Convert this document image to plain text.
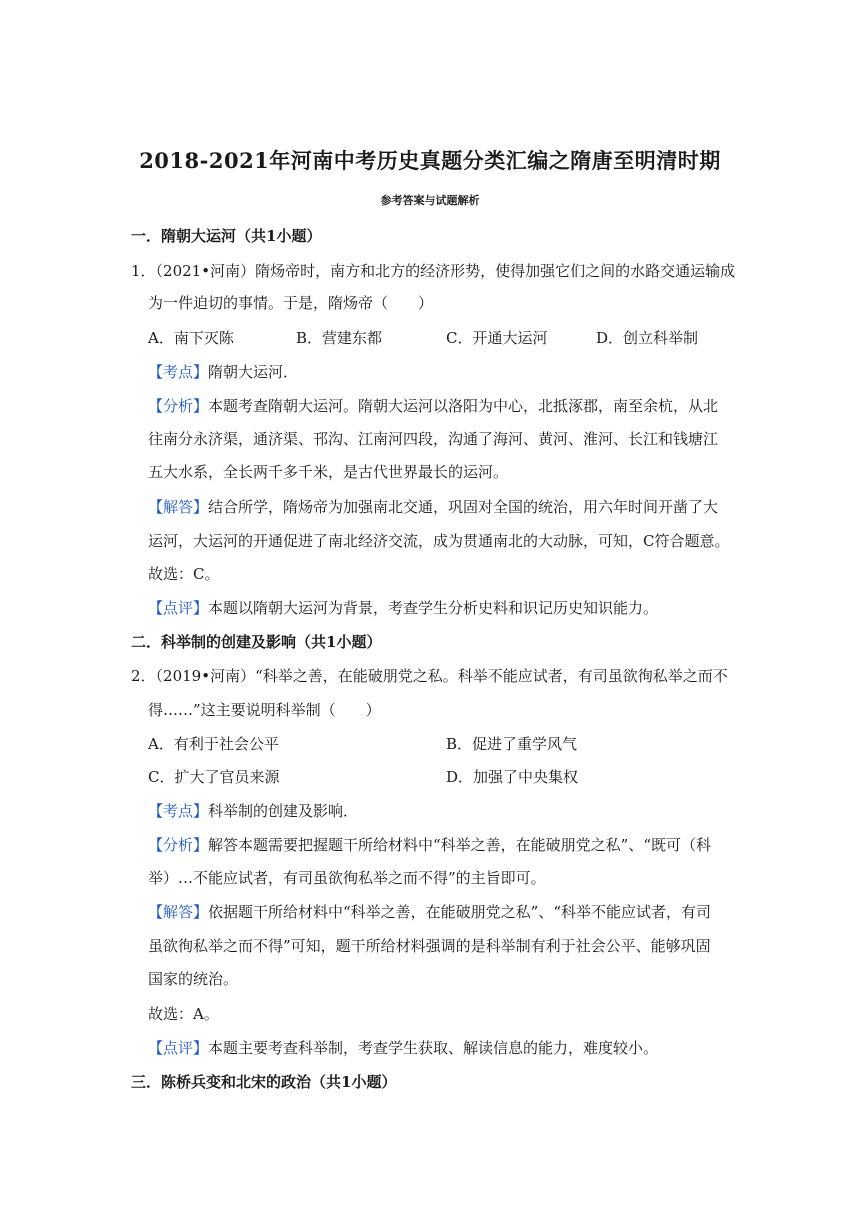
2018-2021年河南中考历史真题分类汇编之隋唐至明清时期
参考答案与试题解析
一．隋朝大运河（共1小题）
1．（2021•河南）隋炀帝时，南方和北方的经济形势，使得加强它们之间的水路交通运输成
为一件迫切的事情。于是，隋炀帝（　　）
A．南下灭陈	B．营建东都	C．开通大运河	D．创立科举制
【考点】隋朝大运河．
【分析】本题考查隋朝大运河。隋朝大运河以洛阳为中心，北抵涿郡，南至余杭，从北
往南分永济渠，通济渠、邗沟、江南河四段，沟通了海河、黄河、淮河、长江和钱塘江
五大水系，全长两千多千米，是古代世界最长的运河。
【解答】结合所学，隋炀帝为加强南北交通，巩固对全国的统治，用六年时间开凿了大
运河，大运河的开通促进了南北经济交流，成为贯通南北的大动脉，可知，C符合题意。
故选：C。
【点评】本题以隋朝大运河为背景，考查学生分析史料和识记历史知识能力。
二．科举制的创建及影响（共1小题）
2．（2019•河南）“科举之善，在能破朋党之私。科举不能应试者，有司虽欲徇私举之而不
得……”这主要说明科举制（　　）
A．有利于社会公平	B．促进了重学风气
C．扩大了官员来源	D．加强了中央集权
【考点】科举制的创建及影响．
【分析】解答本题需要把握题干所给材料中“科举之善，在能破朋党之私”、“既可（科
举）…不能应试者，有司虽欲徇私举之而不得”的主旨即可。
【解答】依据题干所给材料中“科举之善，在能破朋党之私”、“科举不能应试者，有司
虽欲徇私举之而不得”可知，题干所给材料强调的是科举制有利于社会公平、能够巩固
国家的统治。
故选：A。
【点评】本题主要考查科举制，考查学生获取、解读信息的能力，难度较小。
三．陈桥兵变和北宋的政治（共1小题）
